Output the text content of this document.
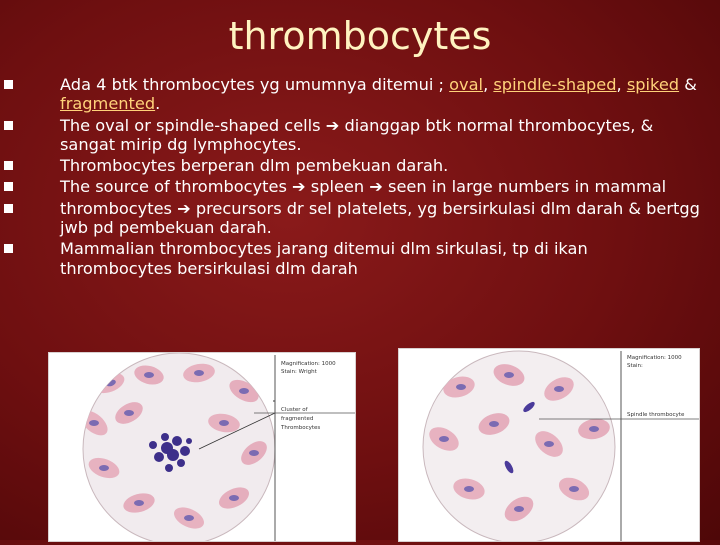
thrombocytes
Ada 4 btk thrombocytes yg umumnya ditemui ; oval, spindle-shaped, spiked & fragmented.
The oval or spindle-shaped cells ➔ dianggap btk normal thrombocytes, & sangat mirip dg lymphocytes.
Thrombocytes berperan dlm pembekuan darah.
The source of thrombocytes ➔ spleen ➔ seen in large numbers in mammal
thrombocytes ➔ precursors dr sel platelets, yg bersirkulasi dlm darah & bertgg jwb pd pembekuan darah.
Mammalian thrombocytes jarang ditemui dlm sirkulasi, tp di ikan thrombocytes bersirkulasi dlm darah
Magnification: 1000
Stain: Wright
Cluster of
fragmented
Thrombocytes
Magnification: 1000
Stain:
Spindle thrombocyte
